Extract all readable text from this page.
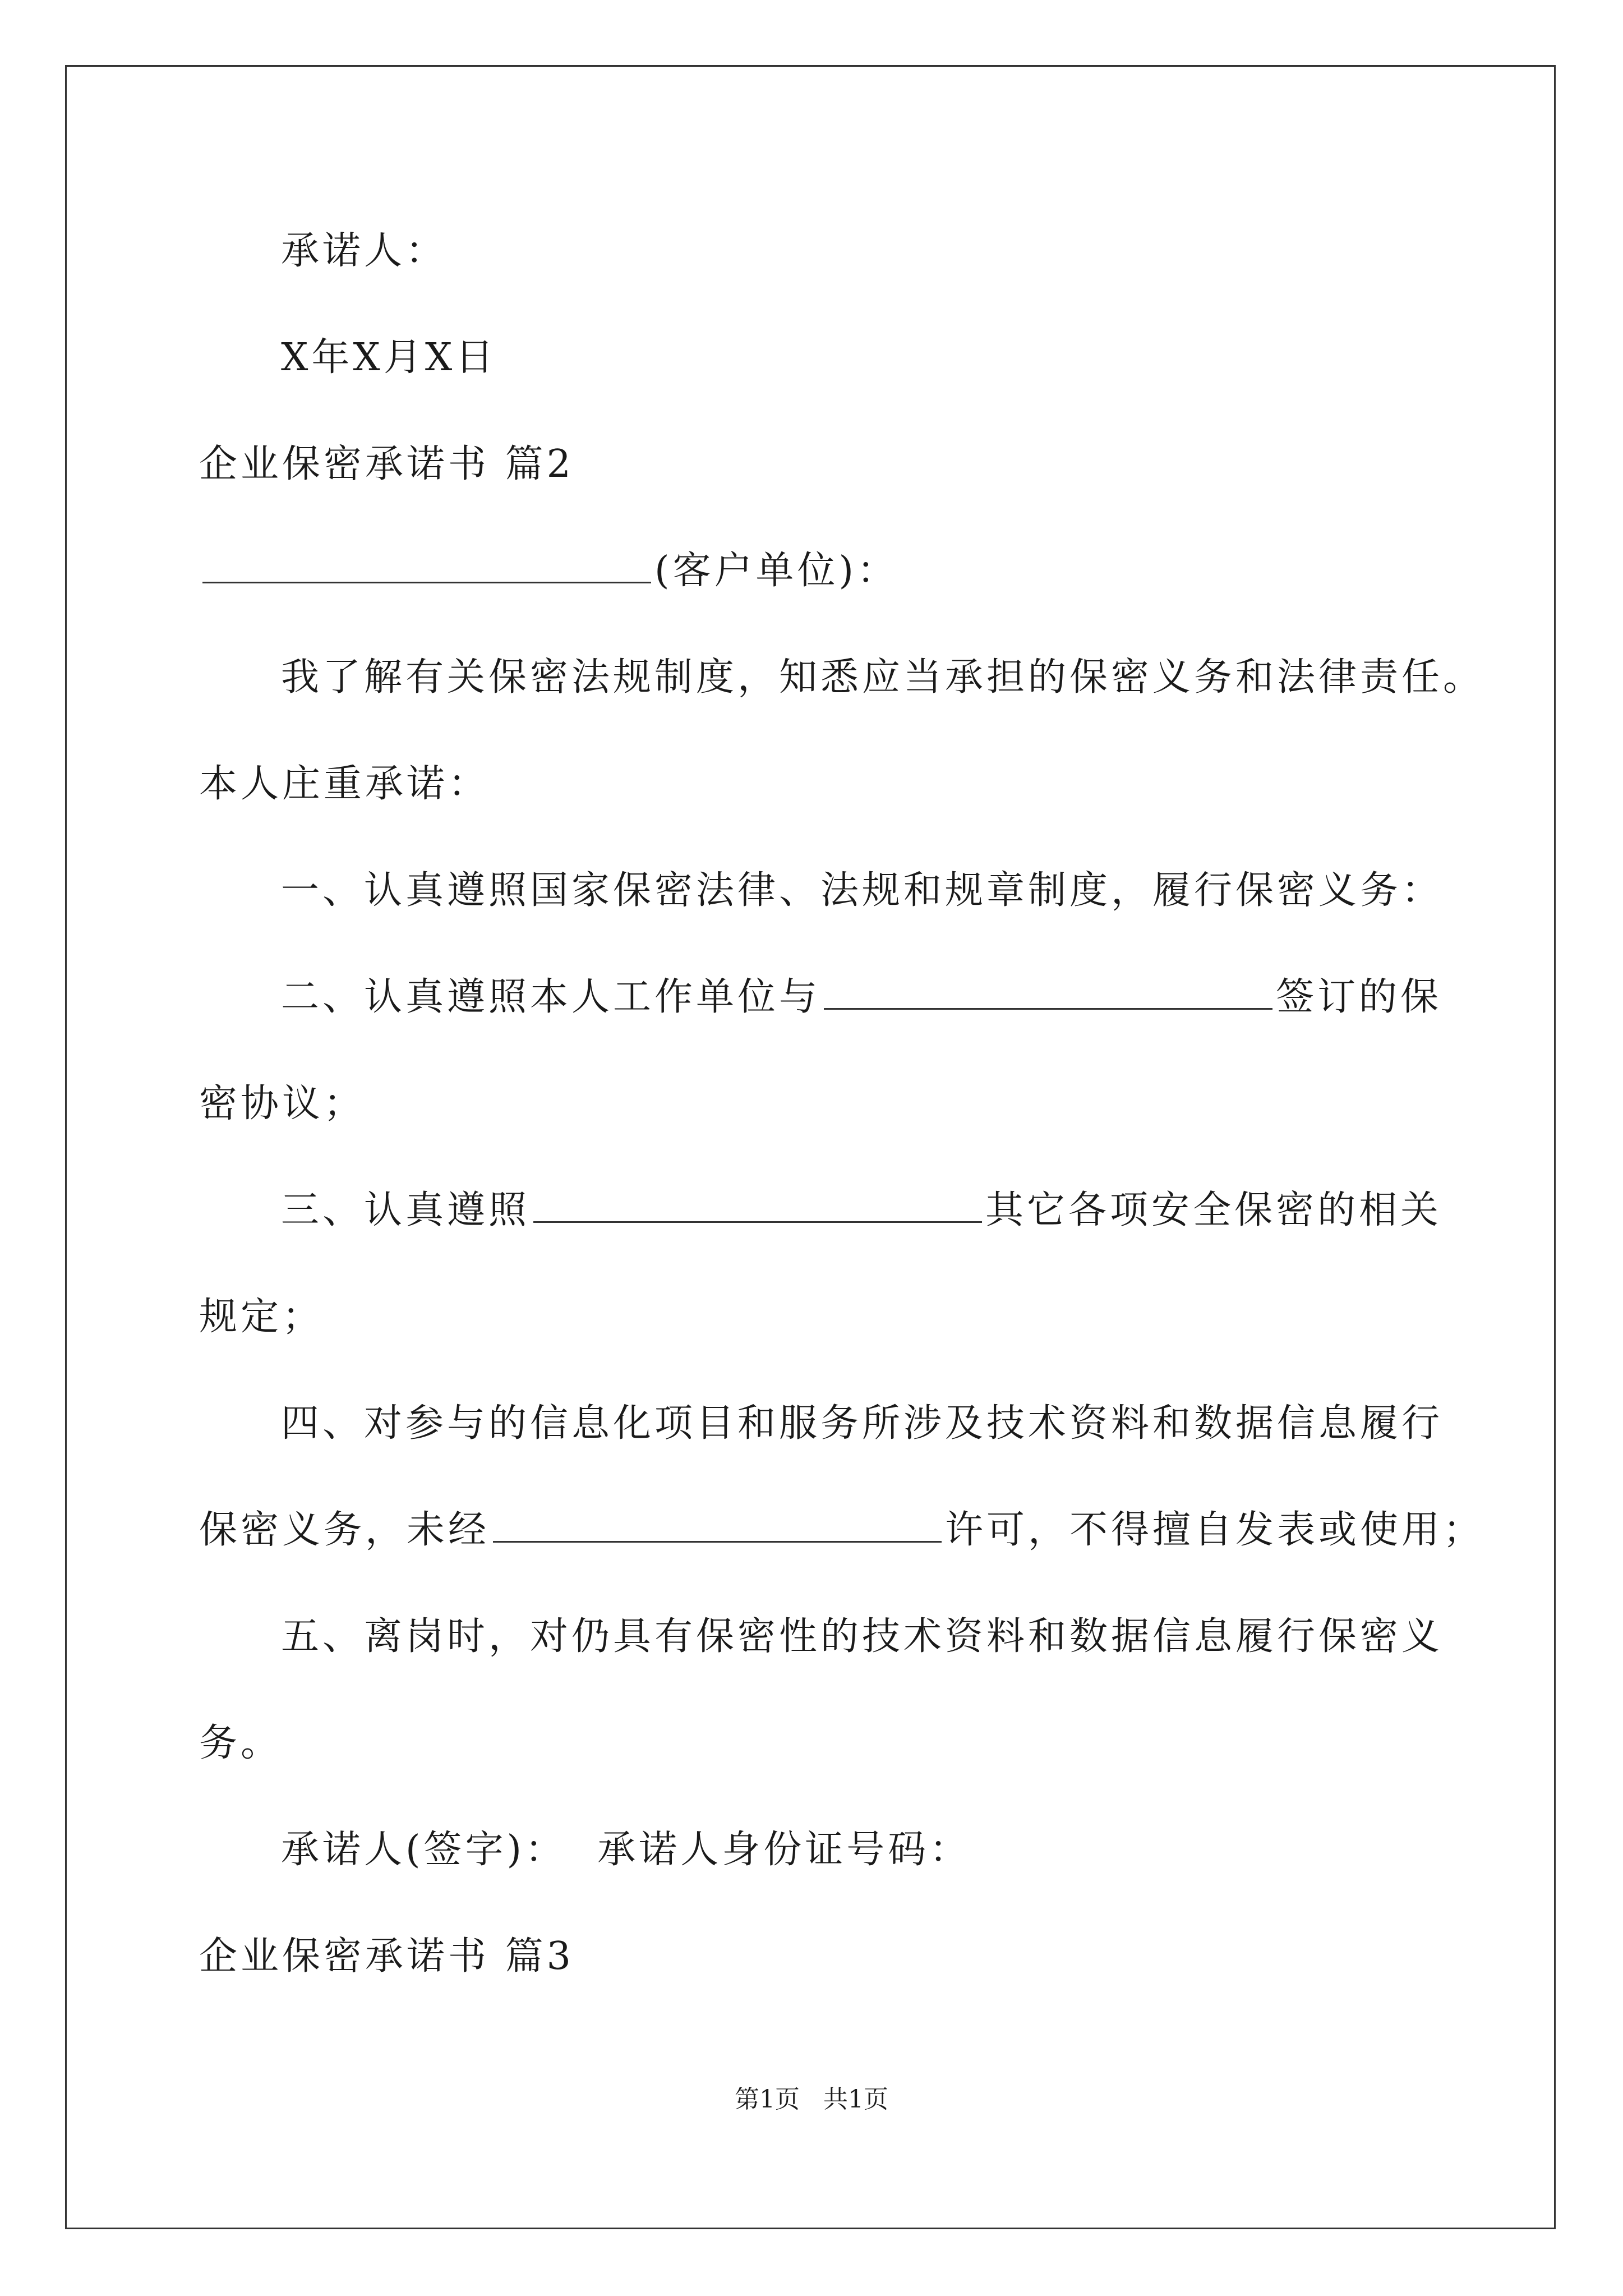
承诺人：
X年X月X日
企业保密承诺书 篇2
(客户单位)：
我了解有关保密法规制度，知悉应当承担的保密义务和法律责任。
本人庄重承诺：
一、认真遵照国家保密法律、法规和规章制度，履行保密义务：
二、认真遵照本人工作单位与	签订的保
密协议；
三、认真遵照	其它各项安全保密的相关
规定；
四、对参与的信息化项目和服务所涉及技术资料和数据信息履行
保密义务，未经	许可，不得擅自发表或使用；
五、离岗时，对仍具有保密性的技术资料和数据信息履行保密义
务。
承诺人(签字)：  承诺人身份证号码：
企业保密承诺书 篇3
第1页   共1页
